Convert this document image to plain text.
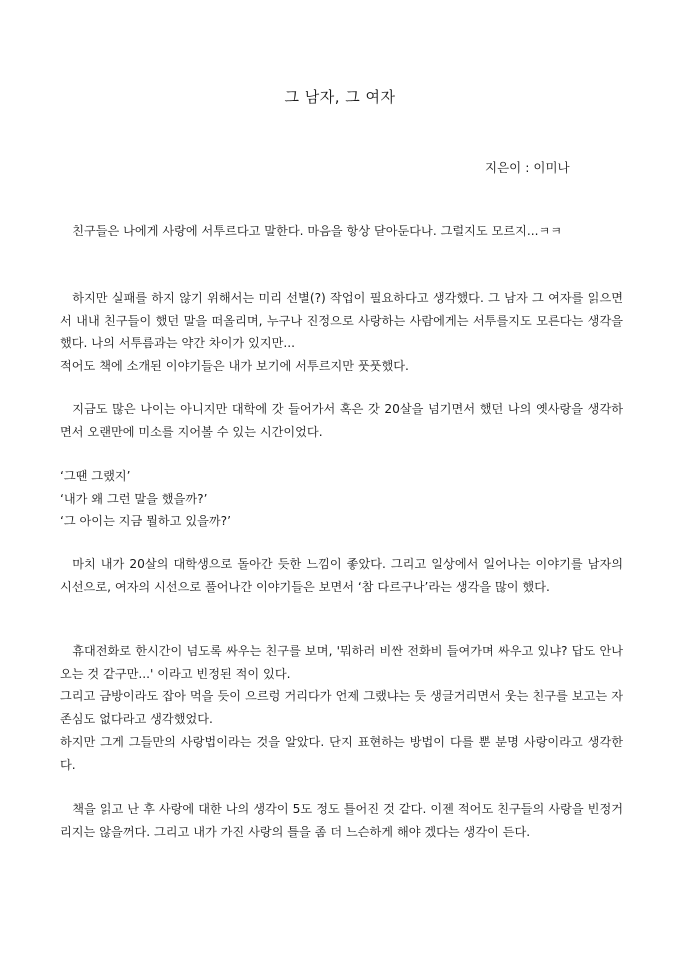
그 남자, 그 여자
지은이 : 이미나

친구들은 나에게 사랑에 서투르다고 말한다. 마음을 항상 닫아둔다나. 그럴지도 모르지...ㅋㅋ

하지만 실패를 하지 않기 위해서는 미리 선별(?) 작업이 필요하다고 생각했다. 그 남자 그 여자를 읽으면서 내내 친구들이 했던 말을 떠올리며, 누구나 진정으로 사랑하는 사람에게는 서투를지도 모른다는 생각을 했다. 나의 서투름과는 약간 차이가 있지만...

적어도 책에 소개된 이야기들은 내가 보기에 서투르지만 풋풋했다.

지금도 많은 나이는 아니지만 대학에 갓 들어가서 혹은 갓 20살을 넘기면서 했던 나의 옛사랑을 생각하면서 오랜만에 미소를 지어볼 수 있는 시간이었다.

‘그땐 그랬지’

‘내가 왜 그런 말을 했을까?’

‘그 아이는 지금 뭘하고 있을까?’

마치 내가 20살의 대학생으로 돌아간 듯한 느낌이 좋았다. 그리고 일상에서 일어나는 이야기를 남자의 시선으로, 여자의 시선으로 풀어나간 이야기들은 보면서 ‘참 다르구나’라는 생각을 많이 했다.

휴대전화로 한시간이 넘도록 싸우는 친구를 보며, '뭐하러 비싼 전화비 들여가며 싸우고 있냐? 답도 안나오는 것 같구만...' 이라고 빈정된 적이 있다.

그리고 금방이라도 잡아 먹을 듯이 으르렁 거리다가 언제 그랬냐는 듯 생글거리면서 웃는 친구를 보고는 자존심도 없다라고 생각했었다.

하지만 그게 그들만의 사랑법이라는 것을 알았다. 단지 표현하는 방법이 다를 뿐 분명 사랑이라고 생각한다.

책을 읽고 난 후 사랑에 대한 나의 생각이 5도 정도 틀어진 것 같다. 이젠 적어도 친구들의 사랑을 빈정거리지는 않을꺼다. 그리고 내가 가진 사랑의 틀을 좀 더 느슨하게 해야 겠다는 생각이 든다.
